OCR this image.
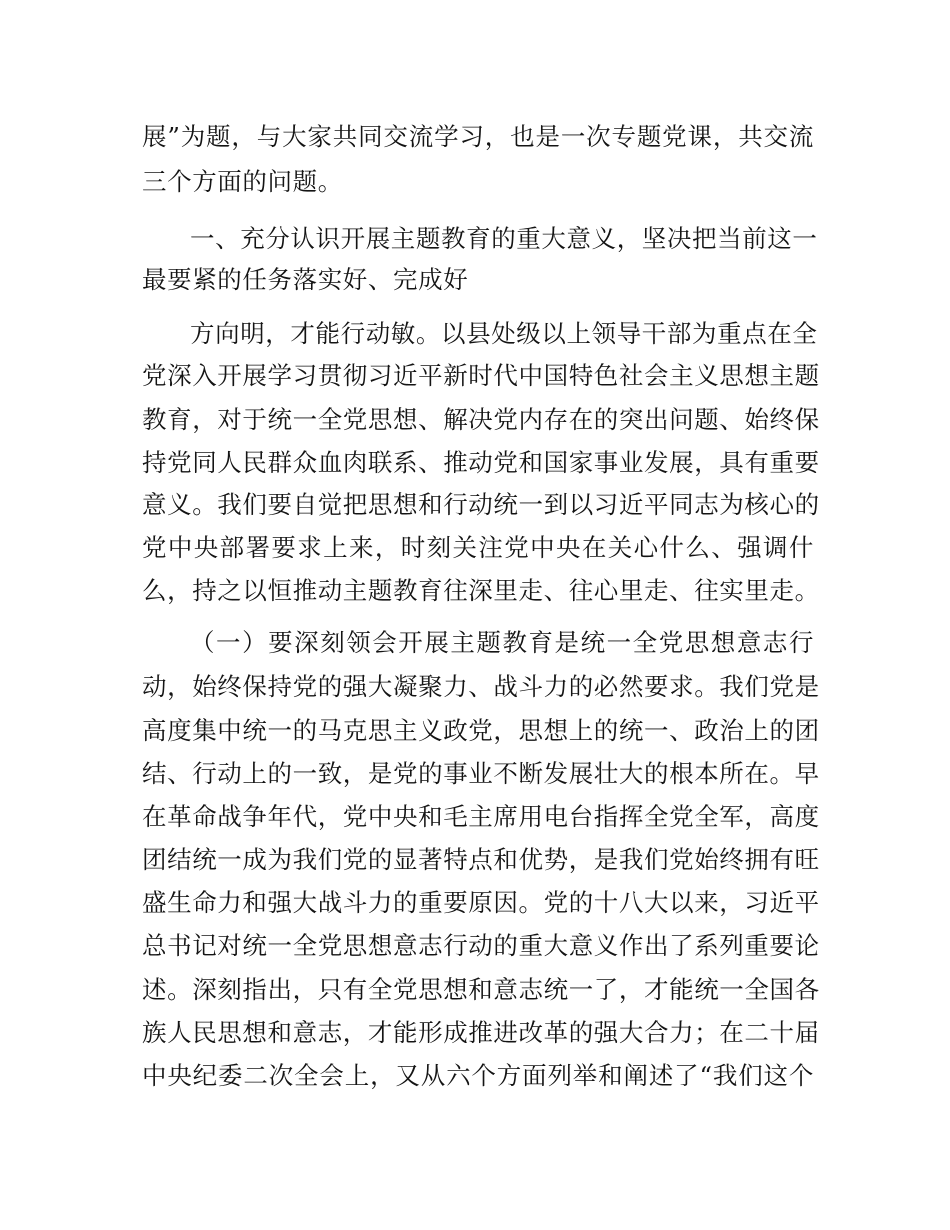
展”为题，与大家共同交流学习，也是一次专题党课，共交流
三个方面的问题。
一、充分认识开展主题教育的重大意义，坚决把当前这一
最要紧的任务落实好、完成好
方向明，才能行动敏。以县处级以上领导干部为重点在全
党深入开展学习贯彻习近平新时代中国特色社会主义思想主题
教育，对于统一全党思想、解决党内存在的突出问题、始终保
持党同人民群众血肉联系、推动党和国家事业发展，具有重要
意义。我们要自觉把思想和行动统一到以习近平同志为核心的
党中央部署要求上来，时刻关注党中央在关心什么、强调什
么，持之以恒推动主题教育往深里走、往心里走、往实里走。
（一）要深刻领会开展主题教育是统一全党思想意志行
动，始终保持党的强大凝聚力、战斗力的必然要求。我们党是
高度集中统一的马克思主义政党，思想上的统一、政治上的团
结、行动上的一致，是党的事业不断发展壮大的根本所在。早
在革命战争年代，党中央和毛主席用电台指挥全党全军，高度
团结统一成为我们党的显著特点和优势，是我们党始终拥有旺
盛生命力和强大战斗力的重要原因。党的十八大以来，习近平
总书记对统一全党思想意志行动的重大意义作出了系列重要论
述。深刻指出，只有全党思想和意志统一了，才能统一全国各
族人民思想和意志，才能形成推进改革的强大合力；在二十届
中央纪委二次全会上，又从六个方面列举和阐述了“我们这个
